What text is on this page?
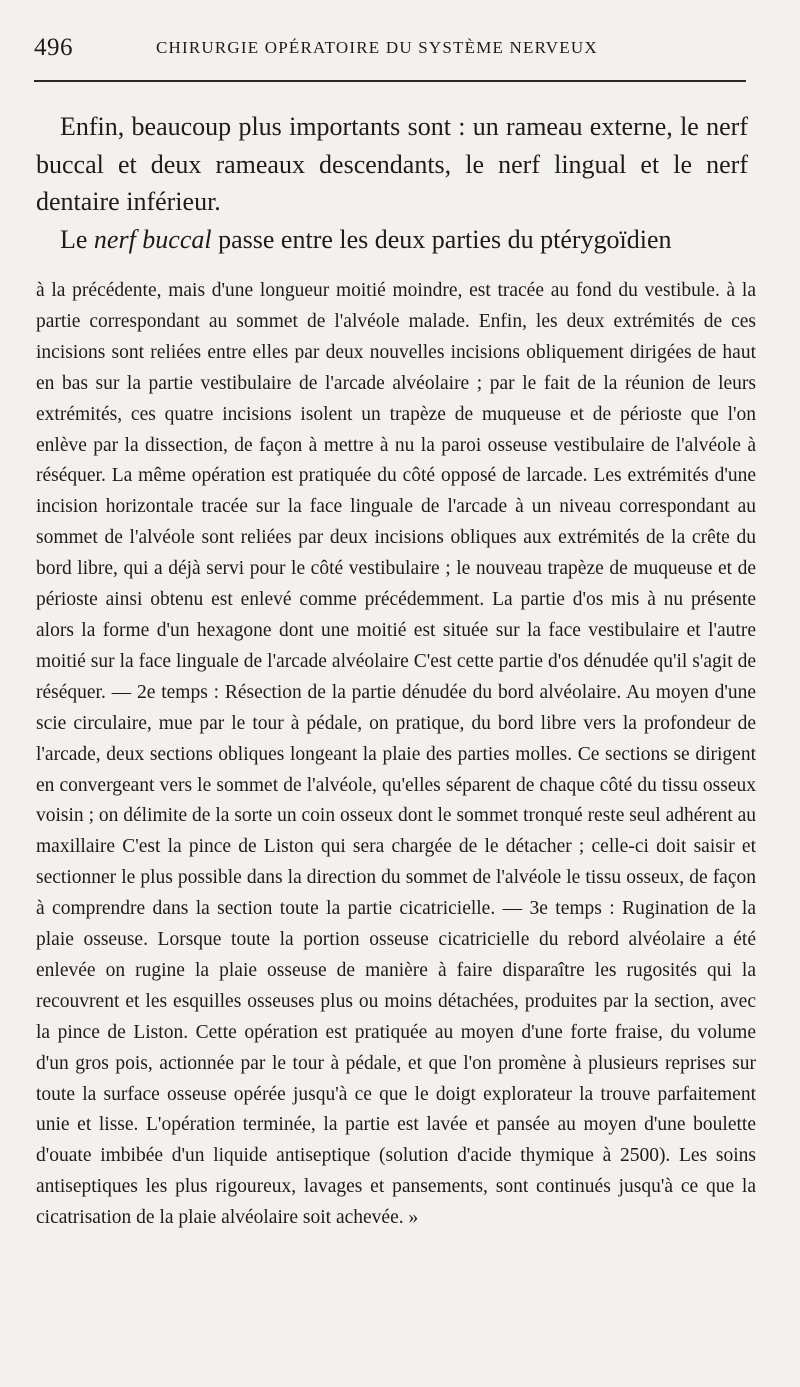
496	CHIRURGIE OPÉRATOIRE DU SYSTÈME NERVEUX

Enfin, beaucoup plus importants sont : un rameau externe, le nerf buccal et deux rameaux descendants, le nerf lingual et le nerf dentaire inférieur.

Le nerf buccal passe entre les deux parties du ptérygoïdien

à la précédente, mais d'une longueur moitié moindre, est tracée au fond du vestibule. à la partie correspondant au sommet de l'alvéole malade. Enfin, les deux extrémités de ces incisions sont reliées entre elles par deux nouvelles incisions obliquement dirigées de haut en bas sur la partie vestibulaire de l'arcade alvéolaire ; par le fait de la réunion de leurs extrémités, ces quatre incisions isolent un trapèze de muqueuse et de périoste que l'on enlève par la dissection, de façon à mettre à nu la paroi osseuse vestibulaire de l'alvéole à réséquer. La même opération est pratiquée du côté opposé de larcade. Les extrémités d'une incision horizontale tracée sur la face linguale de l'arcade à un niveau correspondant au sommet de l'alvéole sont reliées par deux incisions obliques aux extrémités de la crête du bord libre, qui a déjà servi pour le côté vestibulaire ; le nouveau trapèze de muqueuse et de périoste ainsi obtenu est enlevé comme précédemment. La partie d'os mis à nu présente alors la forme d'un hexagone dont une moitié est située sur la face vestibulaire et l'autre moitié sur la face linguale de l'arcade alvéolaire C'est cette partie d'os dénudée qu'il s'agit de réséquer. — 2e temps : Résection de la partie dénudée du bord alvéolaire. Au moyen d'une scie circulaire, mue par le tour à pédale, on pratique, du bord libre vers la profondeur de l'arcade, deux sections obliques longeant la plaie des parties molles. Ce sections se dirigent en convergeant vers le sommet de l'alvéole, qu'elles séparent de chaque côté du tissu osseux voisin ; on délimite de la sorte un coin osseux dont le sommet tronqué reste seul adhérent au maxillaire C'est la pince de Liston qui sera chargée de le détacher ; celle-ci doit saisir et sectionner le plus possible dans la direction du sommet de l'alvéole le tissu osseux, de façon à comprendre dans la section toute la partie cicatricielle. — 3e temps : Rugination de la plaie osseuse. Lorsque toute la portion osseuse cicatricielle du rebord alvéolaire a été enlevée on rugine la plaie osseuse de manière à faire disparaître les rugosités qui la recouvrent et les esquilles osseuses plus ou moins détachées, produites par la section, avec la pince de Liston. Cette opération est pratiquée au moyen d'une forte fraise, du volume d'un gros pois, actionnée par le tour à pédale, et que l'on promène à plusieurs reprises sur toute la surface osseuse opérée jusqu'à ce que le doigt explorateur la trouve parfaitement unie et lisse. L'opération terminée, la partie est lavée et pansée au moyen d'une boulette d'ouate imbibée d'un liquide antiseptique (solution d'acide thymique à 2500). Les soins antiseptiques les plus rigoureux, lavages et pansements, sont continués jusqu'à ce que la cicatrisation de la plaie alvéolaire soit achevée. »
